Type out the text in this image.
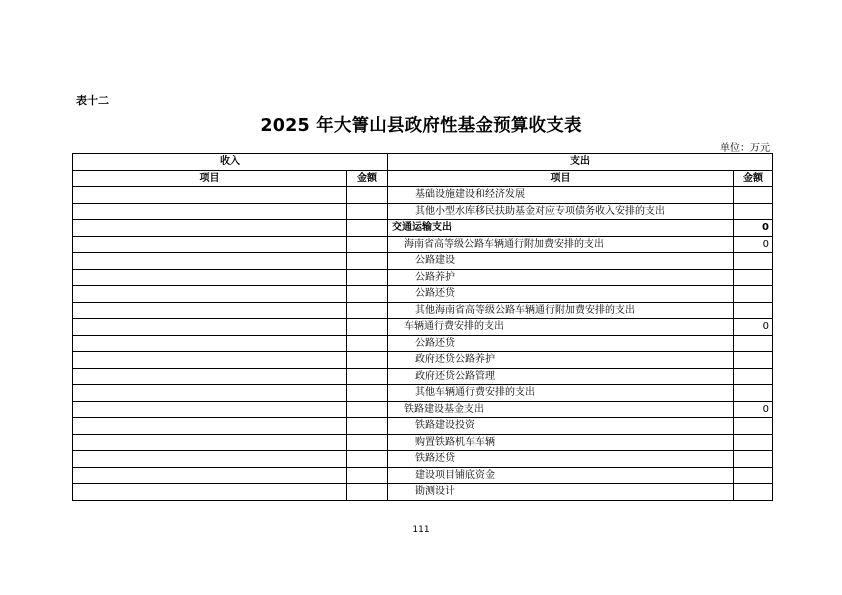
表十二
2025 年大箐山县政府性基金预算收支表
单位：万元
收入		支出	
项目	金额	项目	金额
		基础设施建设和经济发展	
		其他小型水库移民扶助基金对应专项债务收入安排的支出	
		交通运输支出	0
		海南省高等级公路车辆通行附加费安排的支出	0
		公路建设	
		公路养护	
		公路还贷	
		其他海南省高等级公路车辆通行附加费安排的支出	
		车辆通行费安排的支出	0
		公路还贷	
		政府还贷公路养护	
		政府还贷公路管理	
		其他车辆通行费安排的支出	
		铁路建设基金支出	0
		铁路建设投资	
		购置铁路机车车辆	
		铁路还贷	
		建设项目铺底资金	
		勘测设计	
111
